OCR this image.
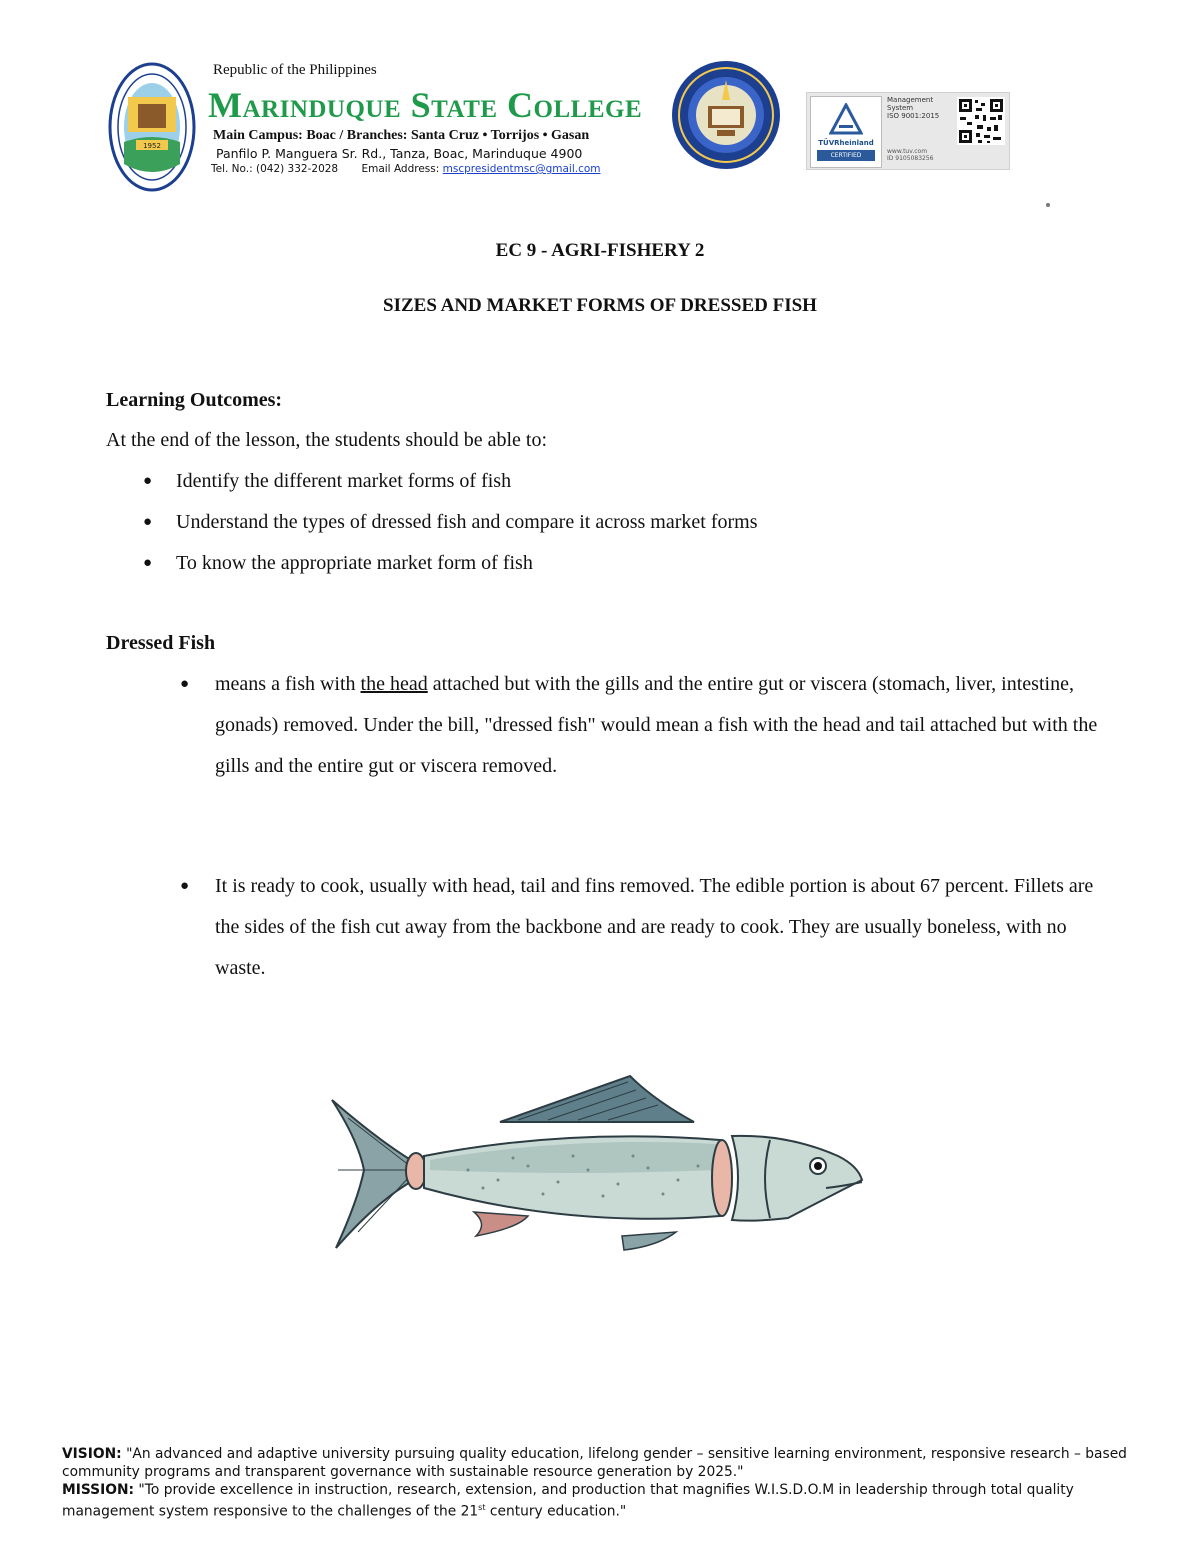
1952
Republic of the Philippines
Marinduque State College
Main Campus: Boac / Branches: Santa Cruz • Torrijos • Gasan
Panfilo P. Manguera Sr. Rd., Tanza, Boac, Marinduque 4900
Tel. No.: (042) 332-2028 Email Address: mscpresidentmsc@gmail.com
TÜVRheinland
CERTIFIED
Management
System
ISO 9001:2015
www.tuv.com
ID 9105083256
EC 9 - AGRI-FISHERY 2
SIZES AND MARKET FORMS OF DRESSED FISH
Learning Outcomes:
At the end of the lesson, the students should be able to:
● Identify the different market forms of fish
● Understand the types of dressed fish and compare it across market forms
● To know the appropriate market form of fish
Dressed Fish
● means a fish with the head attached but with the gills and the entire gut or viscera (stomach, liver, intestine, gonads) removed. Under the bill, "dressed fish" would mean a fish with the head and tail attached but with the gills and the entire gut or viscera removed.
● It is ready to cook, usually with head, tail and fins removed. The edible portion is about 67 percent. Fillets are the sides of the fish cut away from the backbone and are ready to cook. They are usually boneless, with no waste.
VISION: "An advanced and adaptive university pursuing quality education, lifelong gender – sensitive learning environment, responsive research – based community programs and transparent governance with sustainable resource generation by 2025."
MISSION: "To provide excellence in instruction, research, extension, and production that magnifies W.I.S.D.O.M in leadership through total quality management system responsive to the challenges of the 21st century education."
